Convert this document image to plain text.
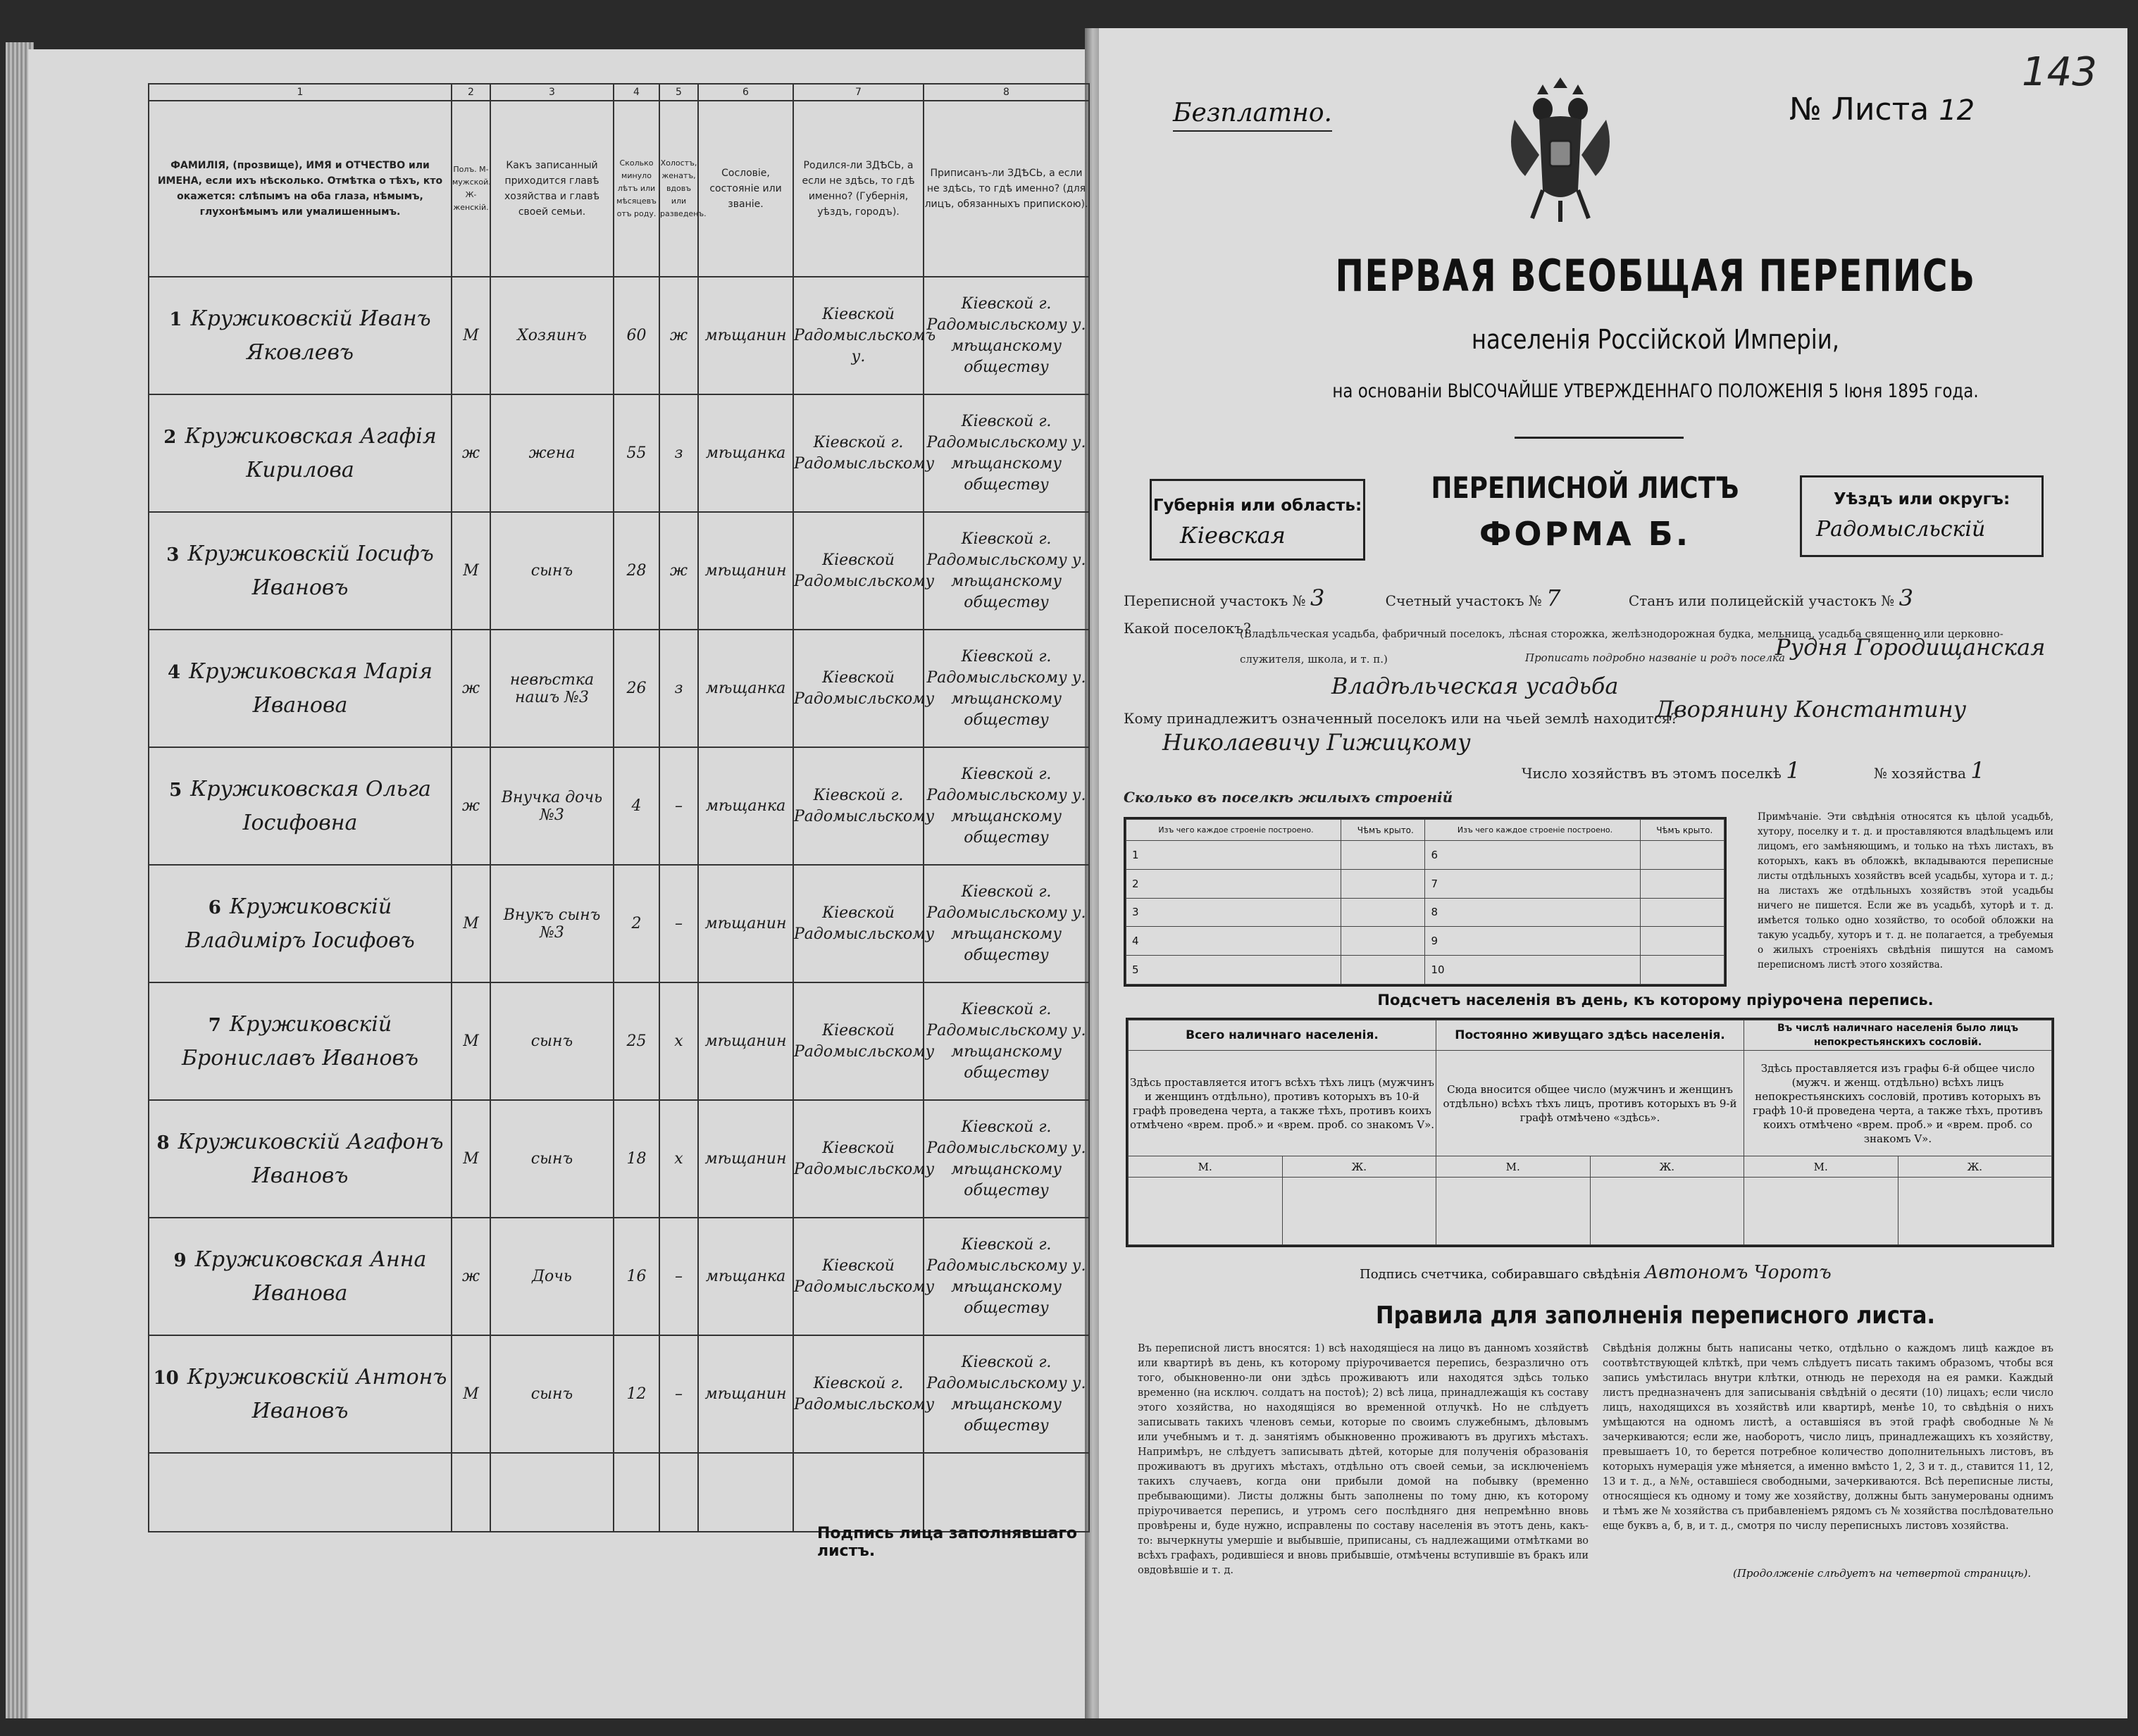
1	2	3	4	5	6	7	8
ФАМИЛІЯ, (прозвище), ИМЯ и ОТЧЕСТВО или ИМЕНА, если ихъ нѣсколько. Отмѣтка о тѣхъ, кто окажется: слѣпымъ на оба глаза, нѣмымъ, глухонѣмымъ или умалишеннымъ.	Полъ. М-мужской. Ж-женскій.	Какъ записанный приходится главѣ хозяйства и главѣ своей семьи.	Сколько минуло лѣтъ или мѣсяцевъ отъ роду.	Холостъ, женатъ, вдовъ или разведенъ.	Сословіе, состояніе или званіе.	Родился-ли ЗДѢСЬ, а если не здѣсь, то гдѣ именно? (Губернія, уѣздъ, городъ).	Приписанъ-ли ЗДѢСЬ, а если не здѣсь, то гдѣ именно? (для лицъ, обязанныхъ припискою).
1 Кружиковскій Иванъ Яковлевъ	М	Хозяинъ	60	ж	мѣщанин	Кіевской Радомысльскомъ у.	Кіевской г. Радомысльскому у. мѣщанскому обществу
2 Кружиковская Агафія Кирилова	ж	жена	55	з	мѣщанка	Кіевской г. Радомысльскому	Кіевской г. Радомысльскому у. мѣщанскому обществу
3 Кружиковскій Іосифъ Ивановъ	М	сынъ	28	ж	мѣщанин	Кіевской Радомысльскому	Кіевской г. Радомысльскому у. мѣщанскому обществу
4 Кружиковская Марія Иванова	ж	невѣстка нашъ №3	26	з	мѣщанка	Кіевской Радомысльскому	Кіевской г. Радомысльскому у. мѣщанскому обществу
5 Кружиковская Ольга Іосифовна	ж	Внучка дочь №3	4	–	мѣщанка	Кіевской г. Радомысльскому	Кіевской г. Радомысльскому у. мѣщанскому обществу
6 Кружиковскій Владиміръ Іосифовъ	М	Внукъ сынъ №3	2	–	мѣщанин	Кіевской Радомысльскому	Кіевской г. Радомысльскому у. мѣщанскому обществу
7 Кружиковскій Брониславъ Ивановъ	М	сынъ	25	х	мѣщанин	Кіевской Радомысльскому	Кіевской г. Радомысльскому у. мѣщанскому обществу
8 Кружиковскій Агафонъ Ивановъ	М	сынъ	18	х	мѣщанин	Кіевской Радомысльскому	Кіевской г. Радомысльскому у. мѣщанскому обществу
9 Кружиковская Анна Иванова	ж	Дочь	16	–	мѣщанка	Кіевской Радомысльскому	Кіевской г. Радомысльскому у. мѣщанскому обществу
10 Кружиковскій Антонъ Ивановъ	М	сынъ	12	–	мѣщанин	Кіевской г. Радомысльскому	Кіевской г. Радомысльскому у. мѣщанскому обществу

Подпись лица заполнявшаго листъ.
Безплатно.	№ Листа 12
143
ПЕРВАЯ ВСЕОБЩАЯ ПЕРЕПИСЬ
населенія Россійской Имперіи,
на основаніи ВЫСОЧАЙШЕ УТВЕРЖДЕННАГО ПОЛОЖЕНІЯ 5 Іюня 1895 года.
Губернія или область:
Кіевская
ПЕРЕПИСНОЙ ЛИСТЪ
ФОРМА Б.
Уѣздъ или округъ:
Радомысльскій
Переписной участокъ № 3	Счетный участокъ № 7	Станъ или полицейскій участокъ № 3
Какой поселокъ?
(Владѣльческая усадьба, фабричный поселокъ, лѣсная сторожка, желѣзнодорожная будка, мельница, усадьба священно или церковно-служителя, школа, и т. п.)	Прописать подробно названіе и родъ поселка
Рудня Городищанская
Владѣльческая усадьба
Кому принадлежитъ означенный поселокъ или на чьей землѣ находится?
Дворянину Константину
Николаевичу Гижицкому
Число хозяйствъ въ этомъ поселкѣ 1	№ хозяйства 1
Сколько въ поселкѣ жилыхъ строеній
Изъ чего каждое строеніе построено.	Чѣмъ крыто.	Изъ чего каждое строеніе построено.	Чѣмъ крыто.
1		6	
2		7	
3		8	
4		9	
5		10	
Примѣчаніе. Эти свѣдѣнія относятся къ цѣлой усадьбѣ, хутору, поселку и т. д. и проставляются владѣльцемъ или лицомъ, его замѣняющимъ, и только на тѣхъ листахъ, въ которыхъ, какъ въ обложкѣ, вкладываются переписные листы отдѣльныхъ хозяйствъ всей усадьбы, хутора и т. д.; на листахъ же отдѣльныхъ хозяйствъ этой усадьбы ничего не пишется. Если же въ усадьбѣ, хуторѣ и т. д. имѣется только одно хозяйство, то особой обложки на такую усадьбу, хуторъ и т. д. не полагается, а требуемыя о жилыхъ строеніяхъ свѣдѣнія пишутся на самомъ переписномъ листѣ этого хозяйства.
Подсчетъ населенія въ день, къ которому пріурочена перепись.
Всего наличнаго населенія.		Постоянно живущаго здѣсь населенія.		Въ числѣ наличнаго населенія было лицъ непокрестьянскихъ сословій.	
Здѣсь проставляется итогъ всѣхъ тѣхъ лицъ (мужчинъ и женщинъ отдѣльно), противъ которыхъ въ 10-й графѣ проведена черта, а также тѣхъ, противъ коихъ отмѣчено «врем. проб.» и «врем. проб. со знакомъ V».		Сюда вносится общее число (мужчинъ и женщинъ отдѣльно) всѣхъ тѣхъ лицъ, противъ которыхъ въ 9-й графѣ отмѣчено «здѣсь».		Здѣсь проставляется изъ графы 6-й общее число (мужч. и женщ. отдѣльно) всѣхъ лицъ непокрестьянскихъ сословій, противъ которыхъ въ графѣ 10-й проведена черта, а также тѣхъ, противъ коихъ отмѣчено «врем. проб.» и «врем. проб. со знакомъ V».	
М.	Ж.	М.	Ж.	М.	Ж.

Подпись счетчика, собиравшаго свѣдѣнія Автономъ Чоротъ
Правила для заполненія переписного листа.
Въ переписной листъ вносятся: 1) всѣ находящіеся на лицо въ данномъ хозяйствѣ или квартирѣ въ день, къ которому пріурочивается перепись, безразлично отъ того, обыкновенно-ли они здѣсь проживаютъ или находятся здѣсь только временно (на исключ. солдатъ на постоѣ); 2) всѣ лица, принадлежащія къ составу этого хозяйства, но находящіяся во временной отлучкѣ. Но не слѣдуетъ записывать такихъ членовъ семьи, которые по своимъ служебнымъ, дѣловымъ или учебнымъ и т. д. занятіямъ обыкновенно проживаютъ въ другихъ мѣстахъ. Напримѣръ, не слѣдуетъ записывать дѣтей, которые для полученія образованія проживаютъ въ другихъ мѣстахъ, отдѣльно отъ своей семьи, за исключеніемъ такихъ случаевъ, когда они прибыли домой на побывку (временно пребывающими). Листы должны быть заполнены по тому дню, къ которому пріурочивается перепись, и утромъ сего послѣдняго дня непремѣнно вновь провѣрены и, буде нужно, исправлены по составу населенія въ этотъ день, какъ-то: вычеркнуты умершіе и выбывшіе, приписаны, съ надлежащими отмѣтками во всѣхъ графахъ, родившіеся и вновь прибывшіе, отмѣчены вступившіе въ бракъ или овдовѣвшіе и т. д.
Свѣдѣнія должны быть написаны четко, отдѣльно о каждомъ лицѣ каждое въ соотвѣтствующей клѣткѣ, при чемъ слѣдуетъ писать такимъ образомъ, чтобы вся запись умѣстилась внутри клѣтки, отнюдь не переходя на ея рамки. Каждый листъ предназначенъ для записыванія свѣдѣній о десяти (10) лицахъ; если число лицъ, находящихся въ хозяйствѣ или квартирѣ, менѣе 10, то свѣдѣнія о нихъ умѣщаются на одномъ листѣ, а оставшіяся въ этой графѣ свободные №№ зачеркиваются; если же, наоборотъ, число лицъ, принадлежащихъ къ хозяйству, превышаетъ 10, то берется потребное количество дополнительныхъ листовъ, въ которыхъ нумерація уже мѣняется, а именно вмѣсто 1, 2, 3 и т. д., ставится 11, 12, 13 и т. д., а №№, оставшіеся свободными, зачеркиваются. Всѣ переписные листы, относящіеся къ одному и тому же хозяйству, должны быть занумерованы однимъ и тѣмъ же № хозяйства съ прибавленіемъ рядомъ съ № хозяйства послѣдовательно еще буквъ а, б, в, и т. д., смотря по числу переписныхъ листовъ хозяйства.
(Продолженіе слѣдуетъ на четвертой страницѣ).
